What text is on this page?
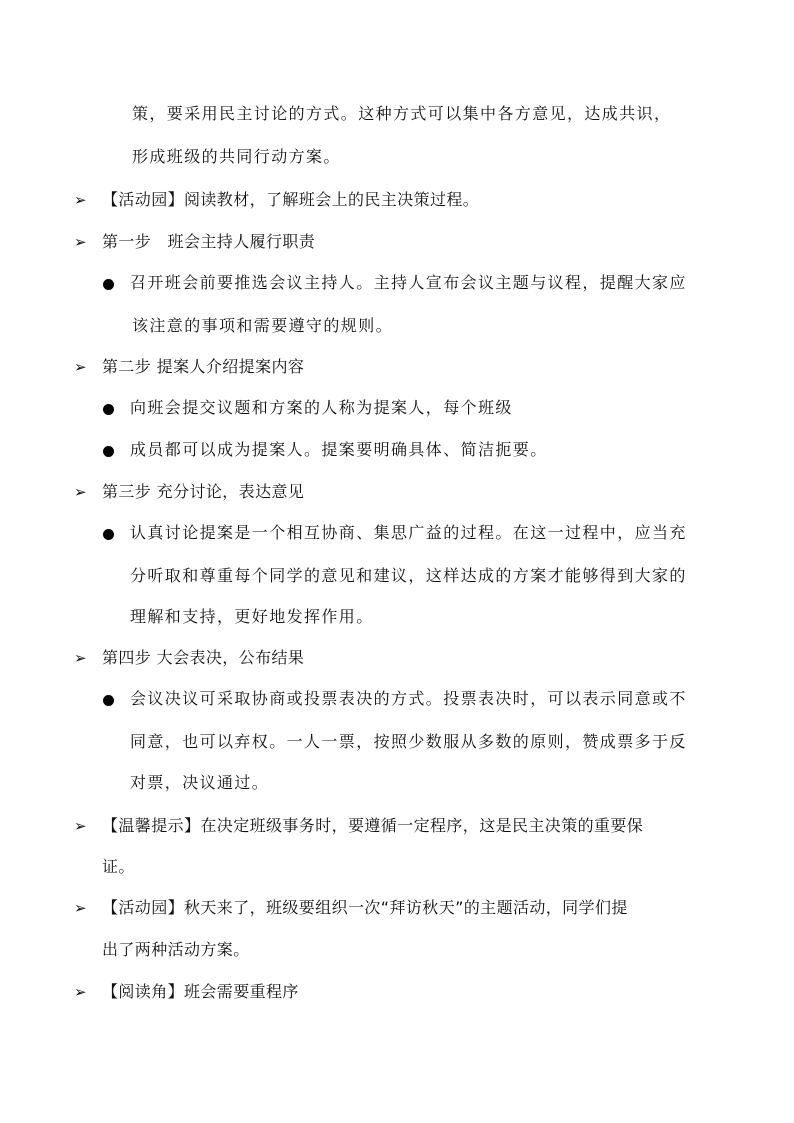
策，要采用民主讨论的方式。这种方式可以集中各方意见，达成共识，
形成班级的共同行动方案。
➢ 【活动园】阅读教材，了解班会上的民主决策过程。
➢ 第一步　班会主持人履行职责
召开班会前要推选会议主持人。主持人宣布会议主题与议程，提醒大家应
该注意的事项和需要遵守的规则。
➢ 第二步 提案人介绍提案内容
向班会提交议题和方案的人称为提案人，每个班级
成员都可以成为提案人。提案要明确具体、简洁扼要。
➢ 第三步 充分讨论，表达意见
认真讨论提案是一个相互协商、集思广益的过程。在这一过程中，应当充
分听取和尊重每个同学的意见和建议，这样达成的方案才能够得到大家的
理解和支持，更好地发挥作用。
➢ 第四步 大会表决，公布结果
会议决议可采取协商或投票表决的方式。投票表决时，可以表示同意或不
同意，也可以弃权。一人一票，按照少数服从多数的原则，赞成票多于反
对票，决议通过。
➢ 【温馨提示】在决定班级事务时，要遵循一定程序，这是民主决策的重要保
证。
➢ 【活动园】秋天来了，班级要组织一次“拜访秋天”的主题活动，同学们提
出了两种活动方案。
➢ 【阅读角】班会需要重程序
